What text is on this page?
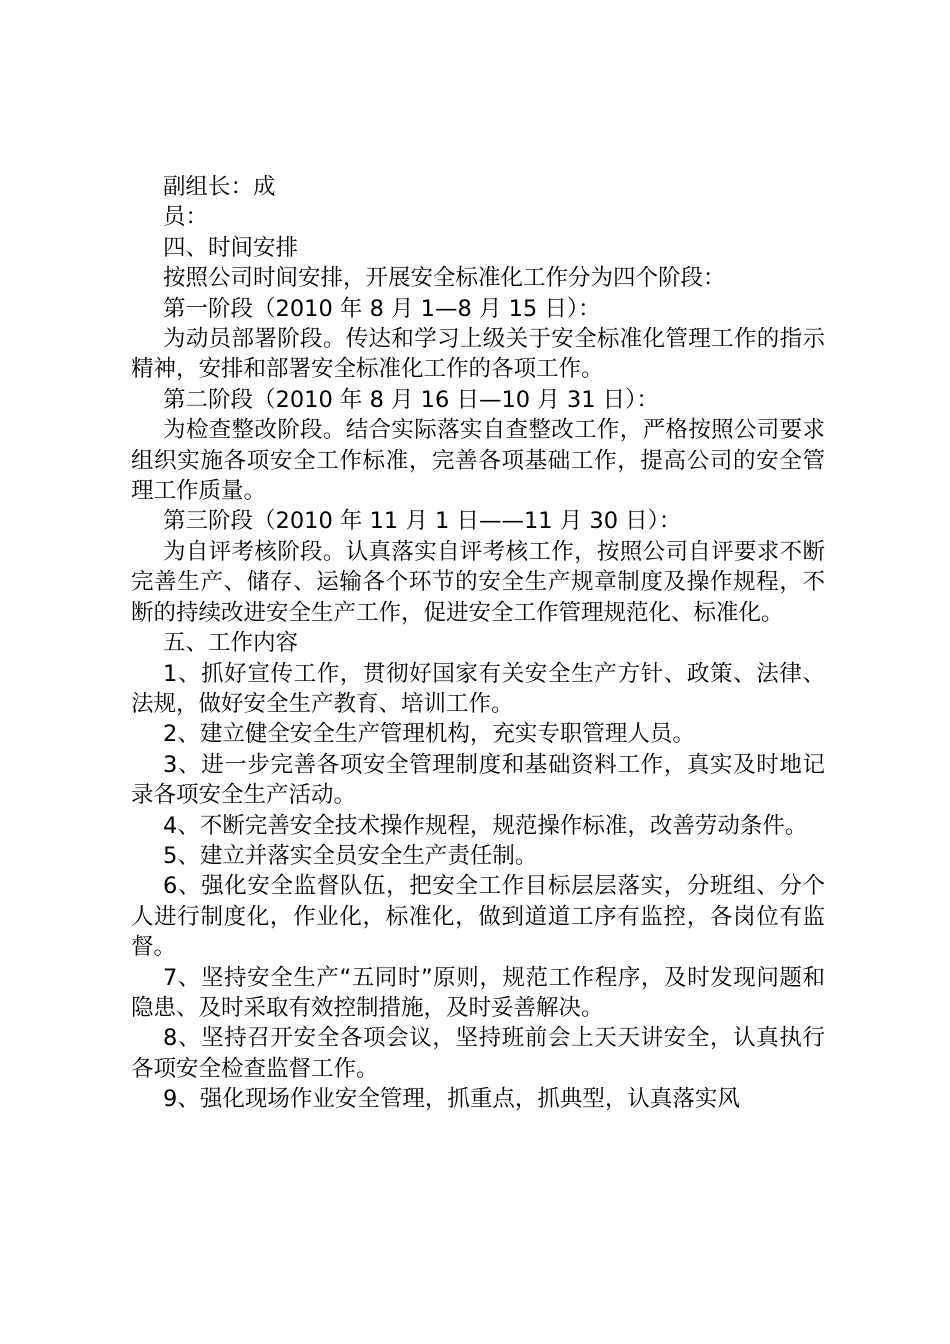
副组长：成

员：

四、时间安排

按照公司时间安排，开展安全标准化工作分为四个阶段：

第一阶段（2010 年 8 月 1—8 月 15 日）：

为动员部署阶段。传达和学习上级关于安全标准化管理工作的指示精神，安排和部署安全标准化工作的各项工作。

第二阶段（2010 年 8 月 16 日—10 月 31 日）：

为检查整改阶段。结合实际落实自查整改工作，严格按照公司要求组织实施各项安全工作标准，完善各项基础工作，提高公司的安全管理工作质量。

第三阶段（2010 年 11 月 1 日——11 月 30 日）：

为自评考核阶段。认真落实自评考核工作，按照公司自评要求不断完善生产、储存、运输各个环节的安全生产规章制度及操作规程，不断的持续改进安全生产工作，促进安全工作管理规范化、标准化。

五、工作内容

1、抓好宣传工作，贯彻好国家有关安全生产方针、政策、法律、法规，做好安全生产教育、培训工作。

2、建立健全安全生产管理机构，充实专职管理人员。

3、进一步完善各项安全管理制度和基础资料工作，真实及时地记录各项安全生产活动。

4、不断完善安全技术操作规程，规范操作标准，改善劳动条件。

5、建立并落实全员安全生产责任制。

6、强化安全监督队伍，把安全工作目标层层落实，分班组、分个人进行制度化，作业化，标准化，做到道道工序有监控，各岗位有监督。

7、坚持安全生产“五同时”原则，规范工作程序，及时发现问题和隐患、及时采取有效控制措施，及时妥善解决。

8、坚持召开安全各项会议，坚持班前会上天天讲安全，认真执行各项安全检查监督工作。

9、强化现场作业安全管理，抓重点，抓典型，认真落实风
